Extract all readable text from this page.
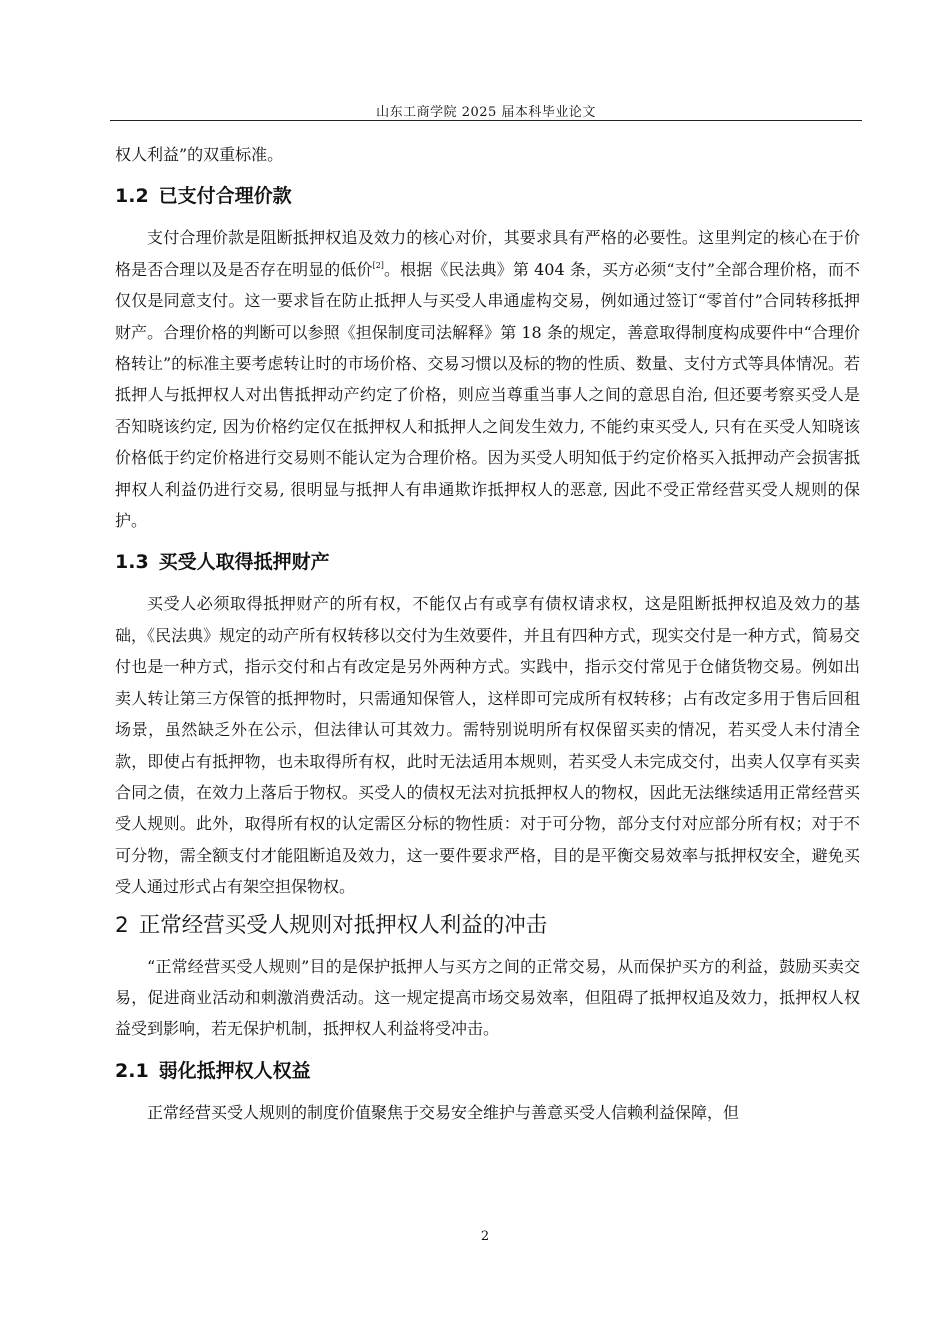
山东工商学院 2025 届本科毕业论文

权人利益”的双重标准。

1.2 已支付合理价款

支付合理价款是阻断抵押权追及效力的核心对价，其要求具有严格的必要性。这里判定的核心在于价格是否合理以及是否存在明显的低价[2]。根据《民法典》第 404 条，买方必须“支付”全部合理价格，而不仅仅是同意支付。这一要求旨在防止抵押人与买受人串通虚构交易，例如通过签订“零首付”合同转移抵押财产。合理价格的判断可以参照《担保制度司法解释》第 18 条的规定，善意取得制度构成要件中“合理价格转让”的标准主要考虑转让时的市场价格、交易习惯以及标的物的性质、数量、支付方式等具体情况。若抵押人与抵押权人对出售抵押动产约定了价格，则应当尊重当事人之间的意思自治, 但还要考察买受人是否知晓该约定, 因为价格约定仅在抵押权人和抵押人之间发生效力, 不能约束买受人, 只有在买受人知晓该价格低于约定价格进行交易则不能认定为合理价格。因为买受人明知低于约定价格买入抵押动产会损害抵押权人利益仍进行交易, 很明显与抵押人有串通欺诈抵押权人的恶意, 因此不受正常经营买受人规则的保护。

1.3 买受人取得抵押财产

买受人必须取得抵押财产的所有权，不能仅占有或享有债权请求权，这是阻断抵押权追及效力的基础，《民法典》规定的动产所有权转移以交付为生效要件，并且有四种方式，现实交付是一种方式，简易交付也是一种方式，指示交付和占有改定是另外两种方式。实践中，指示交付常见于仓储货物交易。例如出卖人转让第三方保管的抵押物时，只需通知保管人，这样即可完成所有权转移；占有改定多用于售后回租场景，虽然缺乏外在公示，但法律认可其效力。需特别说明所有权保留买卖的情况，若买受人未付清全款，即使占有抵押物，也未取得所有权，此时无法适用本规则，若买受人未完成交付，出卖人仅享有买卖合同之债，在效力上落后于物权。买受人的债权无法对抗抵押权人的物权，因此无法继续适用正常经营买受人规则。此外，取得所有权的认定需区分标的物性质：对于可分物，部分支付对应部分所有权；对于不可分物，需全额支付才能阻断追及效力，这一要件要求严格，目的是平衡交易效率与抵押权安全，避免买受人通过形式占有架空担保物权。

2 正常经营买受人规则对抵押权人利益的冲击

“正常经营买受人规则”目的是保护抵押人与买方之间的正常交易，从而保护买方的利益，鼓励买卖交易，促进商业活动和刺激消费活动。这一规定提高市场交易效率，但阻碍了抵押权追及效力，抵押权人权益受到影响，若无保护机制，抵押权人利益将受冲击。

2.1 弱化抵押权人权益

正常经营买受人规则的制度价值聚焦于交易安全维护与善意买受人信赖利益保障，但

2
